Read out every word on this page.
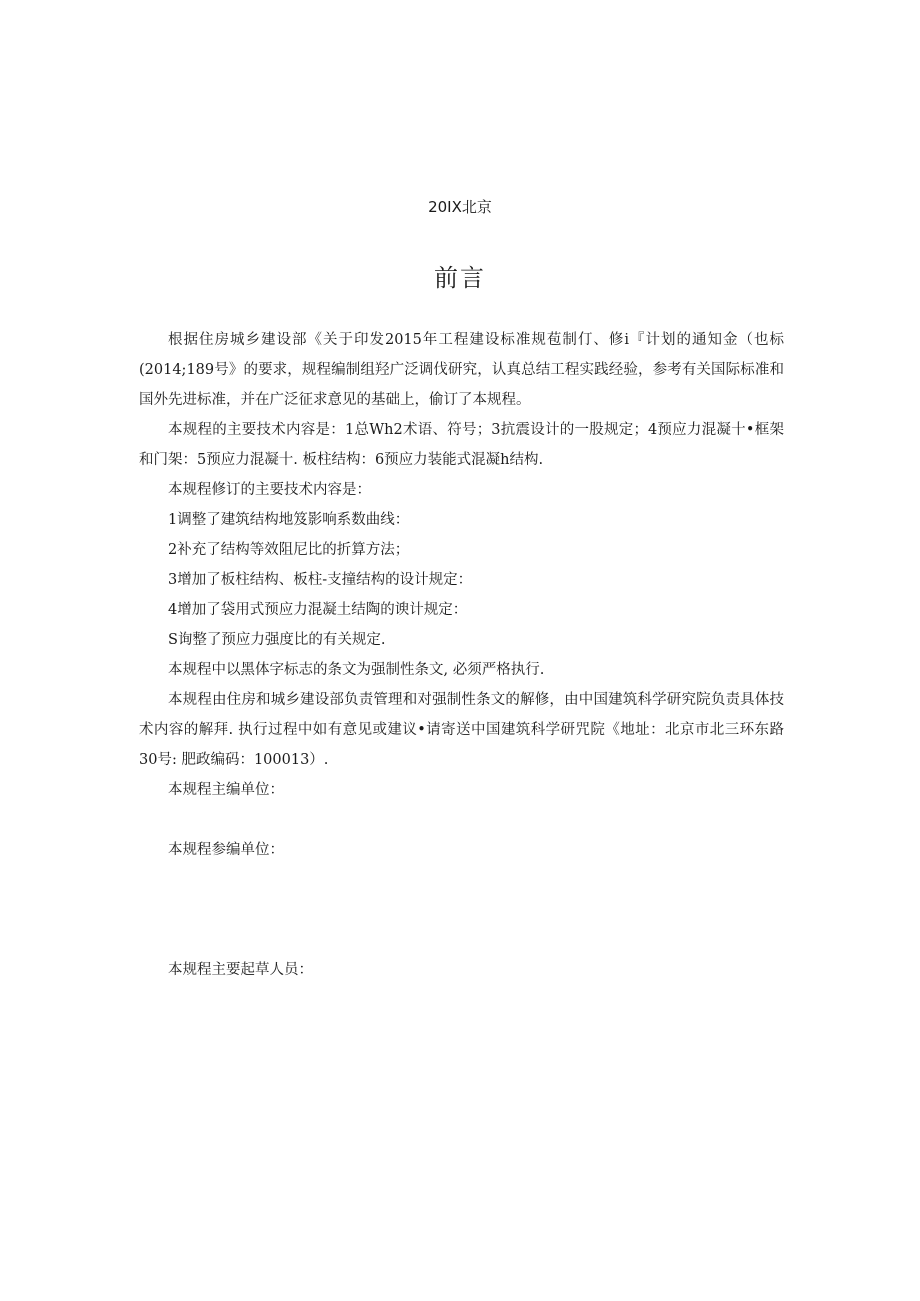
20IX北京
前言

根据住房城乡建设部《关于印发2015年工程建设标准规苞制仃、修i『计划的通知金（也标(2014;189号》的要求，规程编制组羟广泛调伐研究，认真总结工程实践经验，参考有关国际标准和国外先进标准，并在广泛征求意见的基础上，偷订了本规程。

本规程的主要技术内容是：1总Wh2术语、符号；3抗震设计的一股规定；4预应力混凝十•框架和门架：5预应力混凝十. 板柱结构：6预应力装能式混凝h结构.

本规程修订的主要技术内容是：

1调整了建筑结构地笈影响系数曲线：

2补充了结构等效阻尼比的折算方法；

3增加了板柱结构、板柱-支撞结构的设计规定：

4增加了袋用式预应力混凝土结陶的谀计规定：

S询整了预应力强度比的有关规定.

本规程中以黑体字标志的条文为强制性条文, 必须严格执行.

本规程由住房和城乡建设部负责管理和对强制性条文的解修，由中国建筑科学研究院负责具体技术内容的解拜. 执行过程中如有意见或建议•请寄送中国建筑科学研咒院《地址：北京市北三环东路30号: 肥政编码：100013）.

本规程主编单位：

本规程参编单位：

本规程主要起草人员：
